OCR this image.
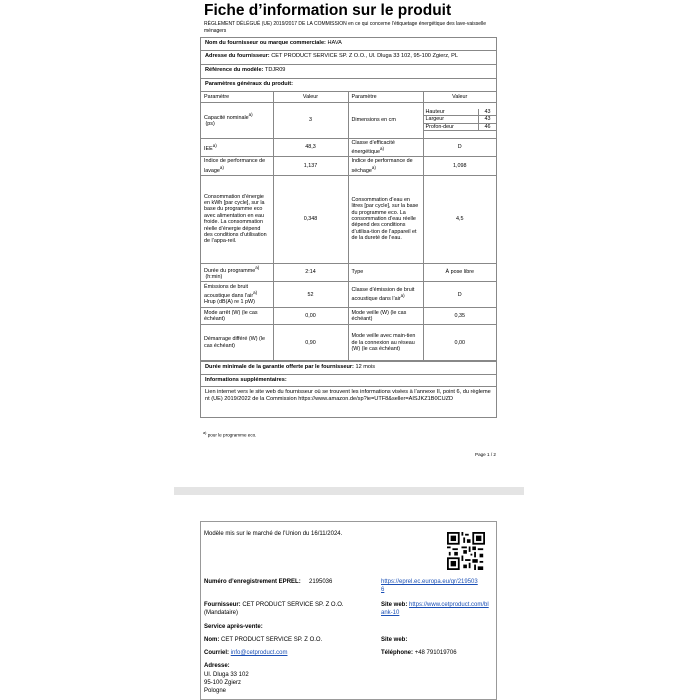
Fiche d’information sur le produit
RÈGLEMENT DÉLÉGUÉ (UE) 2019/2017 DE LA COMMISSION en ce qui concerne l’étiquetage énergétique des lave-vaisselle ménagers
Nom du fournisseur ou marque commerciale: HAVA
Adresse du fournisseur: CET PRODUCT SERVICE SP. Z O.O., Ul. Dluga 33 102, 95-100 Zgierz, PL
Référence du modèle: TDJR09
Paramètres généraux du produit:
Paramètre	Valeur	Paramètre	Valeur
Capacité nominale$^{a)}$
(ps)	3	Dimensions en cm	
Hauteur	43
Largeur	43
Profon-deur	46

IEE$^{a)}$	48,3	Classe d’efficacité énergétique$^{a)}$	D
Indice de performance de lavage$^{a)}$	1,137	Indice de performance de séchage$^{a)}$	1,098
Consommation d’énergie en kWh [par cycle], sur la base du programme eco avec alimentation en eau froide. La consommation réelle d’énergie dépend des conditions d’utilisation de l’appa-reil.	0,348	Consommation d’eau en litres [par cycle], sur la base du programme eco. La consommation d’eau réelle dépend des conditions d’utilisa-tion de l’appareil et de la dureté de l’eau.	4,5
Durée du programme$^{a)}$
(h:min)	2:14	Type	À pose libre
Émissions de bruit acoustique dans l’air$^{a)}$
Hrup (dB(A) re 1 pW)	52	Classe d’émission de bruit acoustique dans l’air$^{a)}$	D
Mode arrêt (W) (le cas échéant)	0,00	Mode veille (W) (le cas échéant)	0,35
Démarrage différé (W) (le cas échéant)	0,90	Mode veille avec main-tien de la connexion au réseau (W) (le cas échéant)	0,00
Durée minimale de la garantie offerte par le fournisseur: 12 mois
Informations supplémentaires:
Lien internet vers le site web du fournisseur où se trouvent les informations visées à l’annexe II, point 6, du règlement (UE) 2019/2022 de la Commission https://www.amazon.de/sp?ie=UTF8&seller=AISJKZ1B0CUZD
$^{a)}$ pour le programme eco.
Page 1 / 2
Modèle mis sur le marché de l’Union du 16/11/2024.
Numéro d’enregistrement EPREL: 2195036	https://eprel.ec.europa.eu/qr/2195036
Fournisseur: CET PRODUCT SERVICE SP. Z O.O. (Mandataire)
Site web: https://www.cetproduct.com/blank-10
Service après-vente:
Nom: CET PRODUCT SERVICE SP. Z O.O.	Site web:
Courriel: info@cetproduct.com	Téléphone: +48 791019706
Adresse:
Ul. Dluga 33 102
95-100 Zgierz
Pologne
